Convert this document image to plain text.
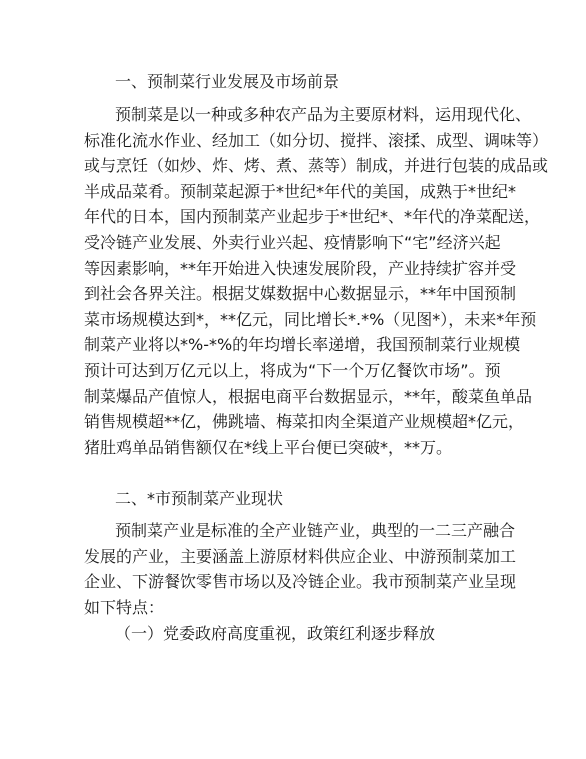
一、预制菜行业发展及市场前景
预制菜是以一种或多种农产品为主要原材料，运用现代化、
标准化流水作业、经加工（如分切、搅拌、滚揉、成型、调味等）
或与烹饪（如炒、炸、烤、煮、蒸等）制成，并进行包装的成品或
半成品菜肴。预制菜起源于*世纪*年代的美国，成熟于*世纪*
年代的日本，国内预制菜产业起步于*世纪*、*年代的净菜配送，
受冷链产业发展、外卖行业兴起、疫情影响下“宅”经济兴起
等因素影响，**年开始进入快速发展阶段，产业持续扩容并受
到社会各界关注。根据艾媒数据中心数据显示，**年中国预制
菜市场规模达到*，**亿元，同比增长*.*%（见图*），未来*年预
制菜产业将以*%-*%的年均增长率递增，我国预制菜行业规模
预计可达到万亿元以上，将成为“下一个万亿餐饮市场”。预
制菜爆品产值惊人，根据电商平台数据显示，**年，酸菜鱼单品
销售规模超**亿，佛跳墙、梅菜扣肉全渠道产业规模超*亿元，
猪肚鸡单品销售额仅在*线上平台便已突破*，**万。
二、*市预制菜产业现状
预制菜产业是标准的全产业链产业，典型的一二三产融合
发展的产业，主要涵盖上游原材料供应企业、中游预制菜加工
企业、下游餐饮零售市场以及冷链企业。我市预制菜产业呈现
如下特点：
（一）党委政府高度重视，政策红利逐步释放
